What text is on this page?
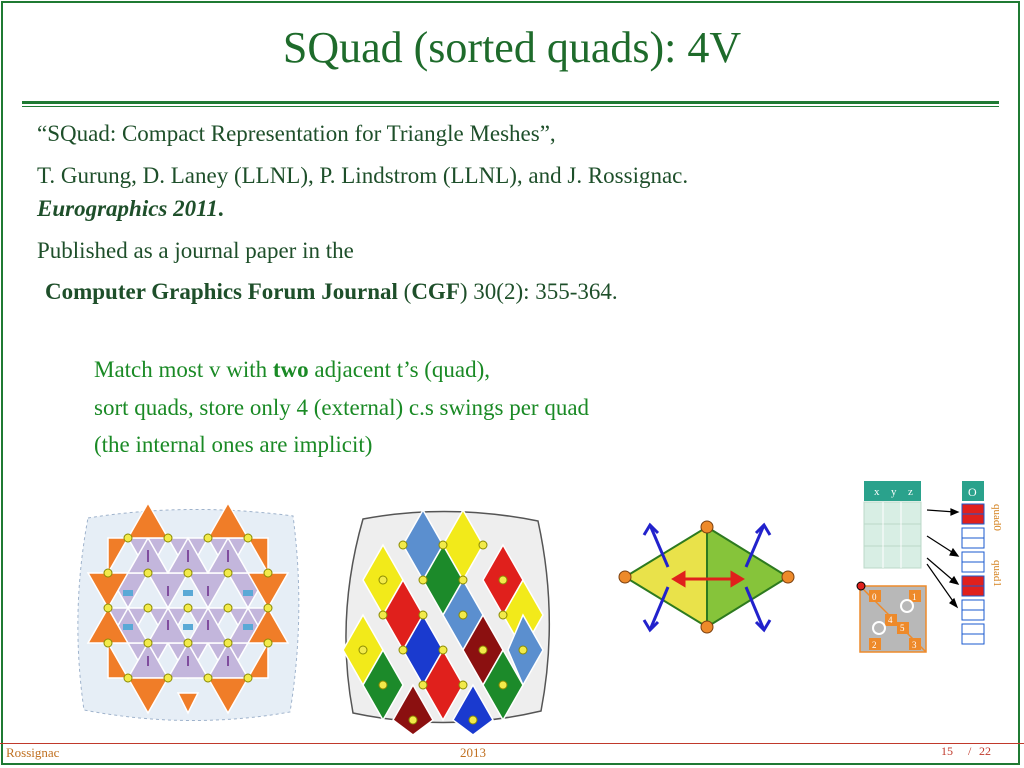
SQuad (sorted quads): 4V
“SQuad: Compact Representation for Triangle Meshes”,
T. Gurung, D. Laney (LLNL), P. Lindstrom (LLNL), and J. Rossignac.
Eurographics 2011.
Published as a journal paper in the
Computer Graphics Forum Journal (CGF) 30(2): 355-364.
Match most v with two adjacent t’s (quad),
sort quads, store only 4 (external) c.s swings per quad
(the internal ones are implicit)
x y z	O
quad0
quad1
0	1
2	3
4
5
Rossignac	2013	15 / 22
